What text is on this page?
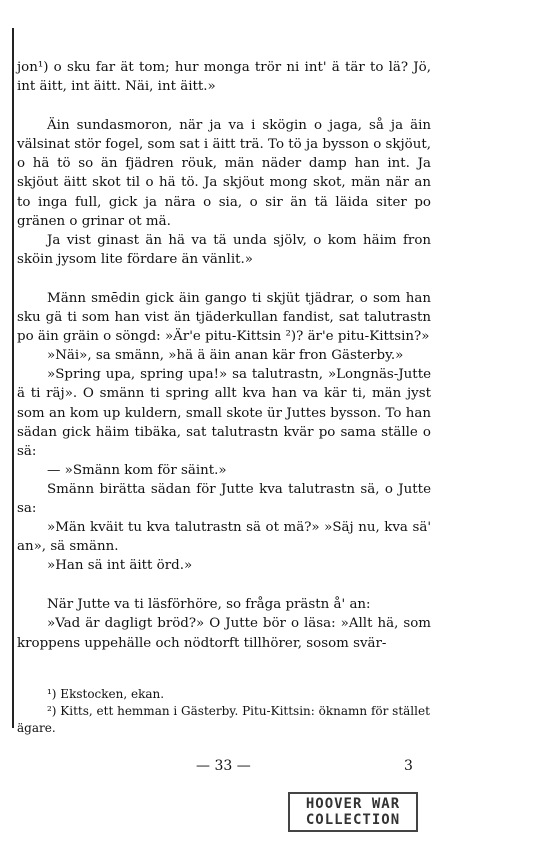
jon¹) o sku far ät tom; hur monga trör ni int' ä tär to lä? Jö, int äitt, int äitt. Näi, int äitt.»

Äin sundasmoron, när ja va i skögin o jaga, så ja äin välsinat stör fogel, som sat i äitt trä. To tö ja bysson o skjöut, o hä tö so än fjädren röuk, män näder damp han int. Ja skjöut äitt skot til o hä tö. Ja skjöut mong skot, män när an to inga full, gick ja nära o sia, o sir än tä läida siter po gränen o grinar ot mä.

Ja vist ginast än hä va tä unda sjölv, o kom häim fron sköin jysom lite fördare än vänlit.»

Männ smēdin gick äin gango ti skjüt tjädrar, o som han sku gä ti som han vist än tjäderkullan fandist, sat talutrastn po äin gräin o söngd: »Är'e pitu-Kittsin ²)? är'e pitu-Kittsin?»

»Näi», sa smänn, »hä ä äin anan kär fron Gästerby.»

»Spring upa, spring upa!» sa talutrastn, »Longnäs-Jutte ä ti räj». O smänn ti spring allt kva han va kär ti, män jyst som an kom up kuldern, small skote ür Juttes bysson. To han sädan gick häim tibäka, sat talutrastn kvär po sama ställe o sä:

— »Smänn kom för säint.»

Smänn birätta sädan för Jutte kva talutrastn sä, o Jutte sa:

»Män kväit tu kva talutrastn sä ot mä?» »Säj nu, kva sä' an», sä smänn.

»Han sä int äitt örd.»

När Jutte va ti läsförhöre, so fråga prästn å' an:

»Vad är dagligt bröd?» O Jutte bör o läsa: »Allt hä, som kroppens uppehälle och nödtorft tillhörer, sosom svär-

¹) Ekstocken, ekan.

²) Kitts, ett hemman i Gästerby. Pitu-Kittsin: öknamn för stället ägare.

— 33 —	3
HOOVER WAR
COLLECTION
